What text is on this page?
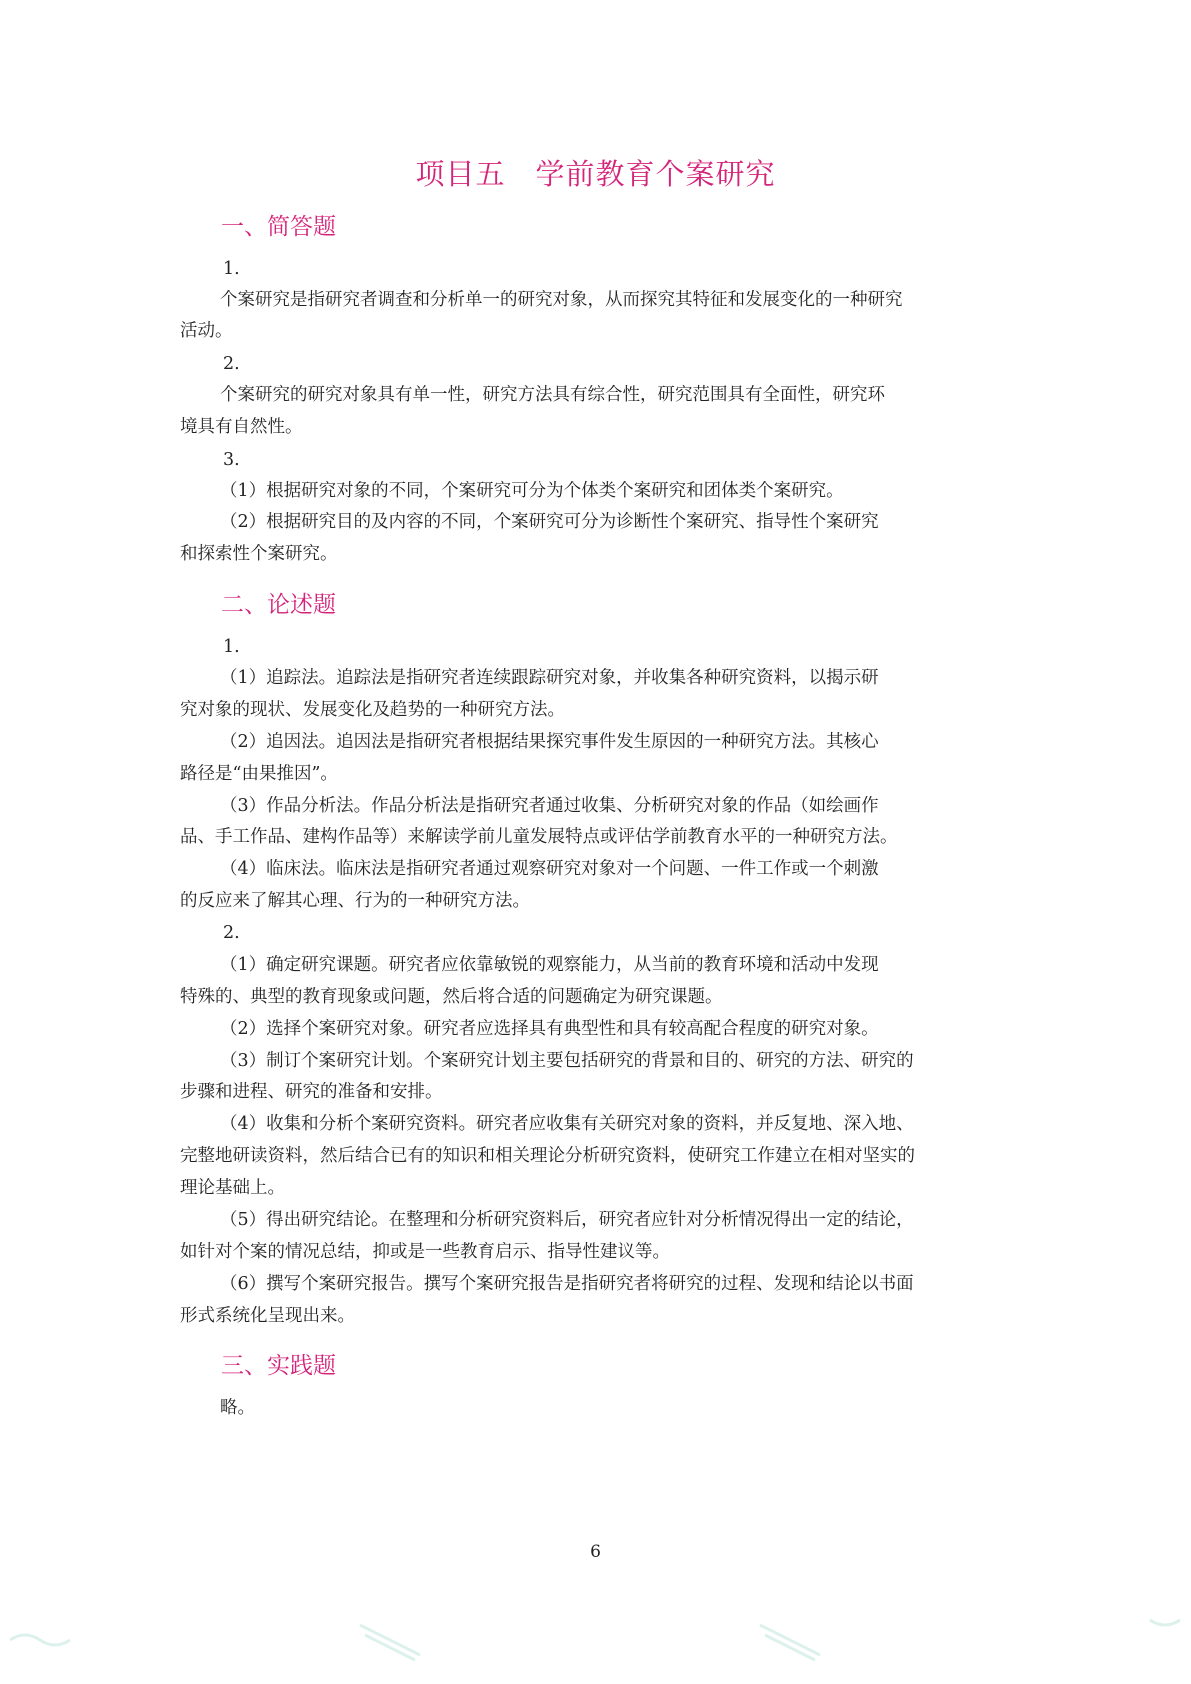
项目五　学前教育个案研究
一、简答题
1.
个案研究是指研究者调查和分析单一的研究对象，从而探究其特征和发展变化的一种研究
活动。
2.
个案研究的研究对象具有单一性，研究方法具有综合性，研究范围具有全面性，研究环
境具有自然性。
3.
（1）根据研究对象的不同，个案研究可分为个体类个案研究和团体类个案研究。
（2）根据研究目的及内容的不同，个案研究可分为诊断性个案研究、指导性个案研究
和探索性个案研究。
二、论述题
1.
（1）追踪法。追踪法是指研究者连续跟踪研究对象，并收集各种研究资料，以揭示研
究对象的现状、发展变化及趋势的一种研究方法。
（2）追因法。追因法是指研究者根据结果探究事件发生原因的一种研究方法。其核心
路径是“由果推因”。
（3）作品分析法。作品分析法是指研究者通过收集、分析研究对象的作品（如绘画作
品、手工作品、建构作品等）来解读学前儿童发展特点或评估学前教育水平的一种研究方法。
（4）临床法。临床法是指研究者通过观察研究对象对一个问题、一件工作或一个刺激
的反应来了解其心理、行为的一种研究方法。
2.
（1）确定研究课题。研究者应依靠敏锐的观察能力，从当前的教育环境和活动中发现
特殊的、典型的教育现象或问题，然后将合适的问题确定为研究课题。
（2）选择个案研究对象。研究者应选择具有典型性和具有较高配合程度的研究对象。
（3）制订个案研究计划。个案研究计划主要包括研究的背景和目的、研究的方法、研究的
步骤和进程、研究的准备和安排。
（4）收集和分析个案研究资料。研究者应收集有关研究对象的资料，并反复地、深入地、
完整地研读资料，然后结合已有的知识和相关理论分析研究资料，使研究工作建立在相对坚实的
理论基础上。
（5）得出研究结论。在整理和分析研究资料后，研究者应针对分析情况得出一定的结论，
如针对个案的情况总结，抑或是一些教育启示、指导性建议等。
（6）撰写个案研究报告。撰写个案研究报告是指研究者将研究的过程、发现和结论以书面
形式系统化呈现出来。
三、实践题
略。
6
